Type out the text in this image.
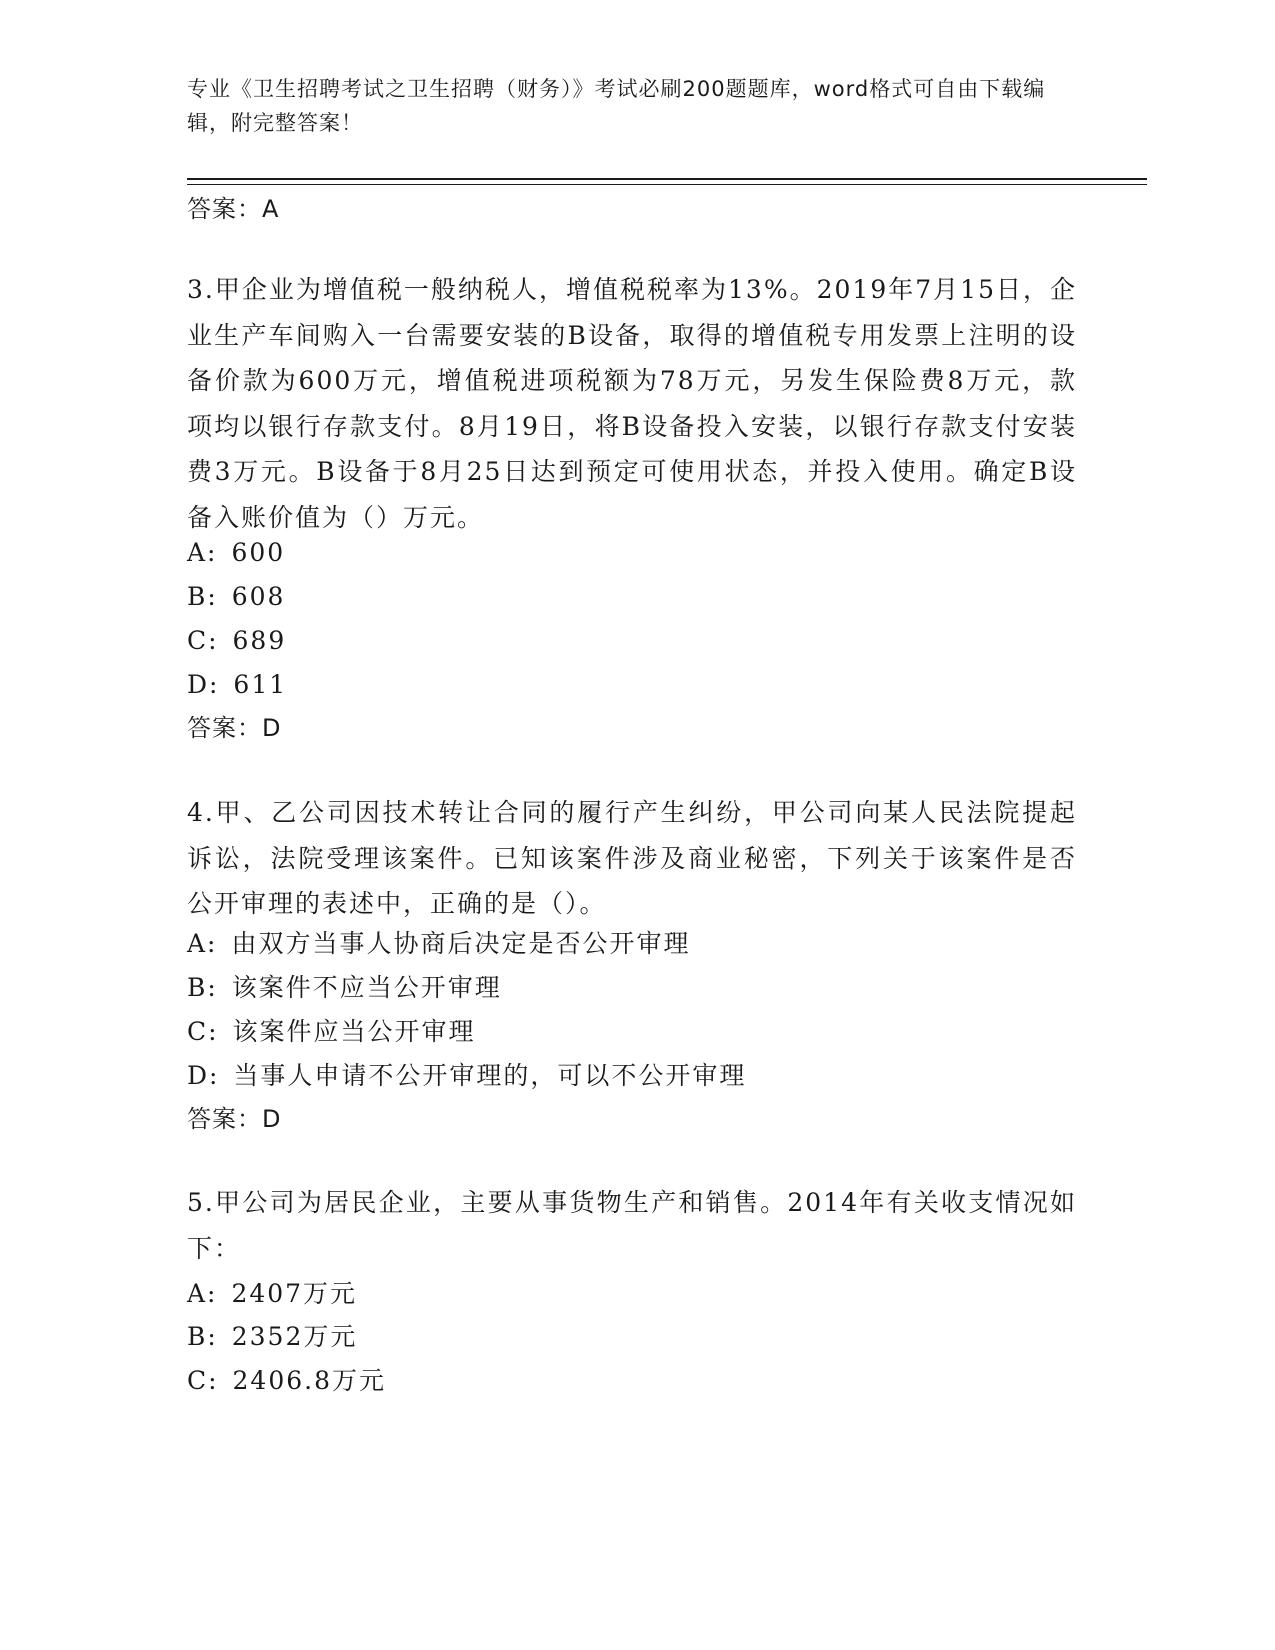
专业《卫生招聘考试之卫生招聘（财务）》考试必刷200题题库，word格式可自由下载编辑，附完整答案！
答案：A
3.甲企业为增值税一般纳税人，增值税税率为13%。2019年7月15日，企业生产车间购入一台需要安装的B设备，取得的增值税专用发票上注明的设备价款为600万元，增值税进项税额为78万元，另发生保险费8万元，款项均以银行存款支付。8月19日，将B设备投入安装，以银行存款支付安装费3万元。B设备于8月25日达到预定可使用状态，并投入使用。确定B设备入账价值为（）万元。
A: 600
B: 608
C: 689
D: 611
答案：D
4.甲、乙公司因技术转让合同的履行产生纠纷，甲公司向某人民法院提起诉讼，法院受理该案件。已知该案件涉及商业秘密，下列关于该案件是否公开审理的表述中，正确的是（）。
A: 由双方当事人协商后决定是否公开审理
B: 该案件不应当公开审理
C: 该案件应当公开审理
D: 当事人申请不公开审理的，可以不公开审理
答案：D
5.甲公司为居民企业，主要从事货物生产和销售。2014年有关收支情况如下：
A: 2407万元
B: 2352万元
C: 2406.8万元
